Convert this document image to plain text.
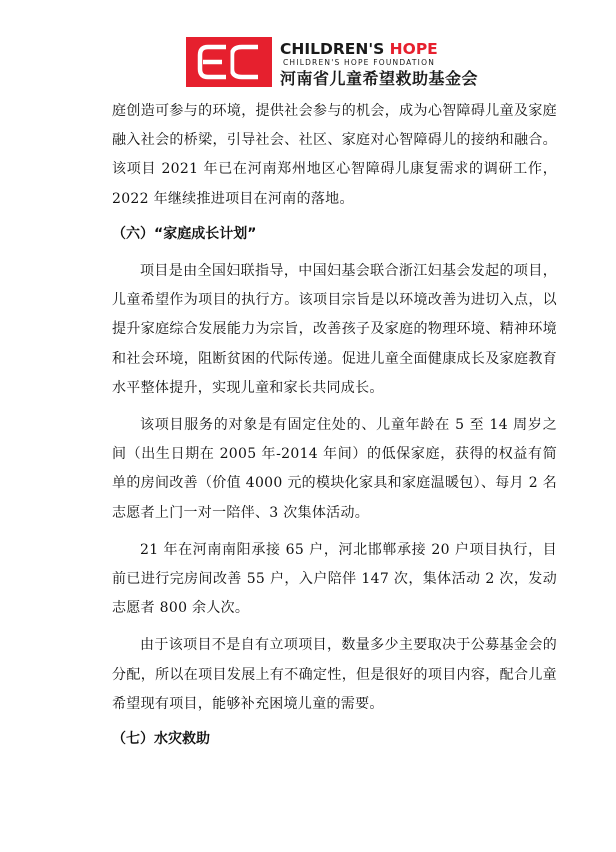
CHILDREN'S HOPE
CHILDREN'S HOPE FOUNDATION
河南省儿童希望救助基金会

庭创造可参与的环境，提供社会参与的机会，成为心智障碍儿童及家庭融入社会的桥梁，引导社会、社区、家庭对心智障碍儿的接纳和融合。该项目 2021 年已在河南郑州地区心智障碍儿康复需求的调研工作，2022 年继续推进项目在河南的落地。

（六）“家庭成长计划”

项目是由全国妇联指导，中国妇基会联合浙江妇基会发起的项目，儿童希望作为项目的执行方。该项目宗旨是以环境改善为进切入点，以提升家庭综合发展能力为宗旨，改善孩子及家庭的物理环境、精神环境和社会环境，阻断贫困的代际传递。促进儿童全面健康成长及家庭教育水平整体提升，实现儿童和家长共同成长。

该项目服务的对象是有固定住处的、儿童年龄在 5 至 14 周岁之间（出生日期在 2005 年-2014 年间）的低保家庭，获得的权益有简单的房间改善（价值 4000 元的模块化家具和家庭温暖包）、每月 2 名志愿者上门一对一陪伴、3 次集体活动。

21 年在河南南阳承接 65 户，河北邯郸承接 20 户项目执行，目前已进行完房间改善 55 户，入户陪伴 147 次，集体活动 2 次，发动志愿者 800 余人次。

由于该项目不是自有立项项目，数量多少主要取决于公募基金会的分配，所以在项目发展上有不确定性，但是很好的项目内容，配合儿童希望现有项目，能够补充困境儿童的需要。

（七）水灾救助
